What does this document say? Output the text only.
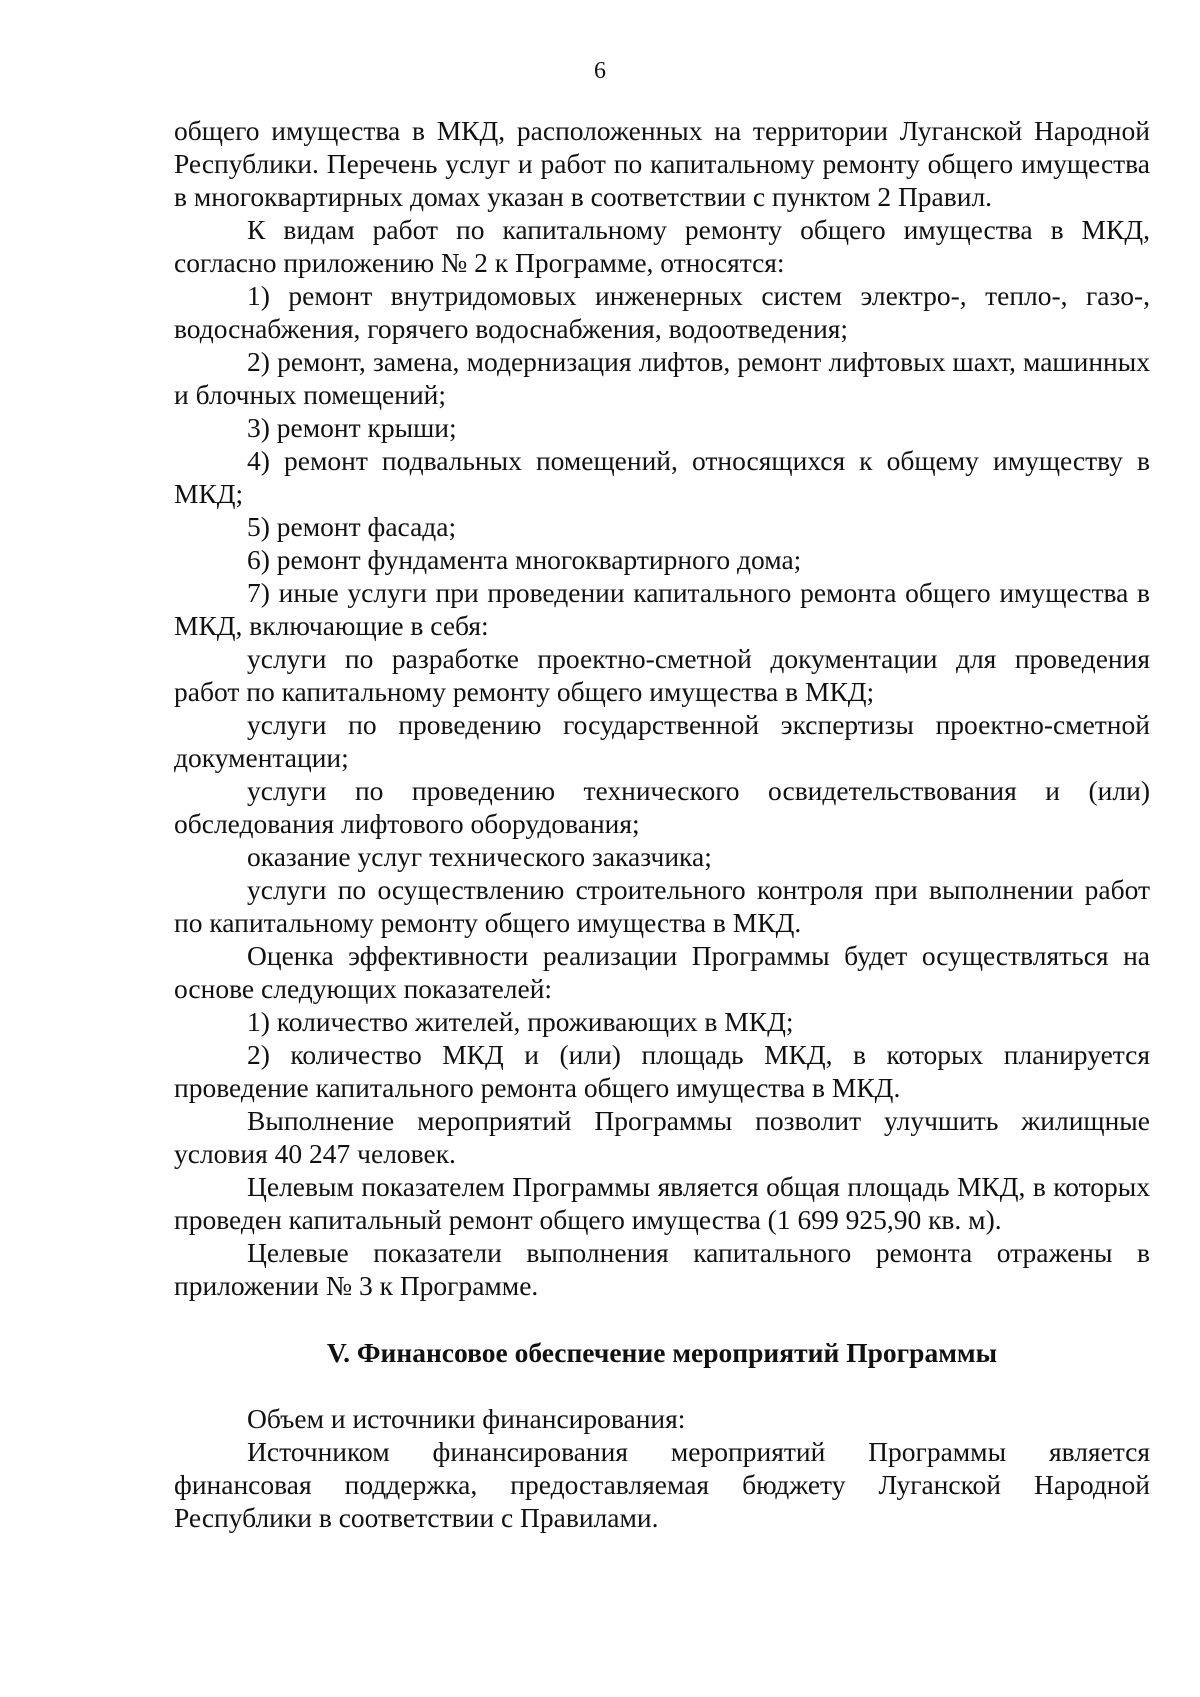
6

общего имущества в МКД, расположенных на территории Луганской Народной Республики. Перечень услуг и работ по капитальному ремонту общего имущества в многоквартирных домах указан в соответствии с пунктом 2 Правил.

К видам работ по капитальному ремонту общего имущества в МКД, согласно приложению № 2 к Программе, относятся:

1) ремонт внутридомовых инженерных систем электро-, тепло-, газо-, водоснабжения, горячего водоснабжения, водоотведения;

2) ремонт, замена, модернизация лифтов, ремонт лифтовых шахт, машинных и блочных помещений;

3) ремонт крыши;

4) ремонт подвальных помещений, относящихся к общему имуществу в МКД;

5) ремонт фасада;

6) ремонт фундамента многоквартирного дома;

7) иные услуги при проведении капитального ремонта общего имущества в МКД, включающие в себя:

услуги по разработке проектно-сметной документации для проведения работ по капитальному ремонту общего имущества в МКД;

услуги по проведению государственной экспертизы проектно-сметной документации;

услуги по проведению технического освидетельствования и (или) обследования лифтового оборудования;

оказание услуг технического заказчика;

услуги по осуществлению строительного контроля при выполнении работ по капитальному ремонту общего имущества в МКД.

Оценка эффективности реализации Программы будет осуществляться на основе следующих показателей:

1) количество жителей, проживающих в МКД;

2) количество МКД и (или) площадь МКД, в которых планируется проведение капитального ремонта общего имущества в МКД.

Выполнение мероприятий Программы позволит улучшить жилищные условия 40 247 человек.

Целевым показателем Программы является общая площадь МКД, в которых проведен капитальный ремонт общего имущества (1 699 925,90 кв. м).

Целевые показатели выполнения капитального ремонта отражены в приложении № 3 к Программе.

V. Финансовое обеспечение мероприятий Программы

Объем и источники финансирования:

Источником финансирования мероприятий Программы является финансовая поддержка, предоставляемая бюджету Луганской Народной Республики в соответствии с Правилами.
